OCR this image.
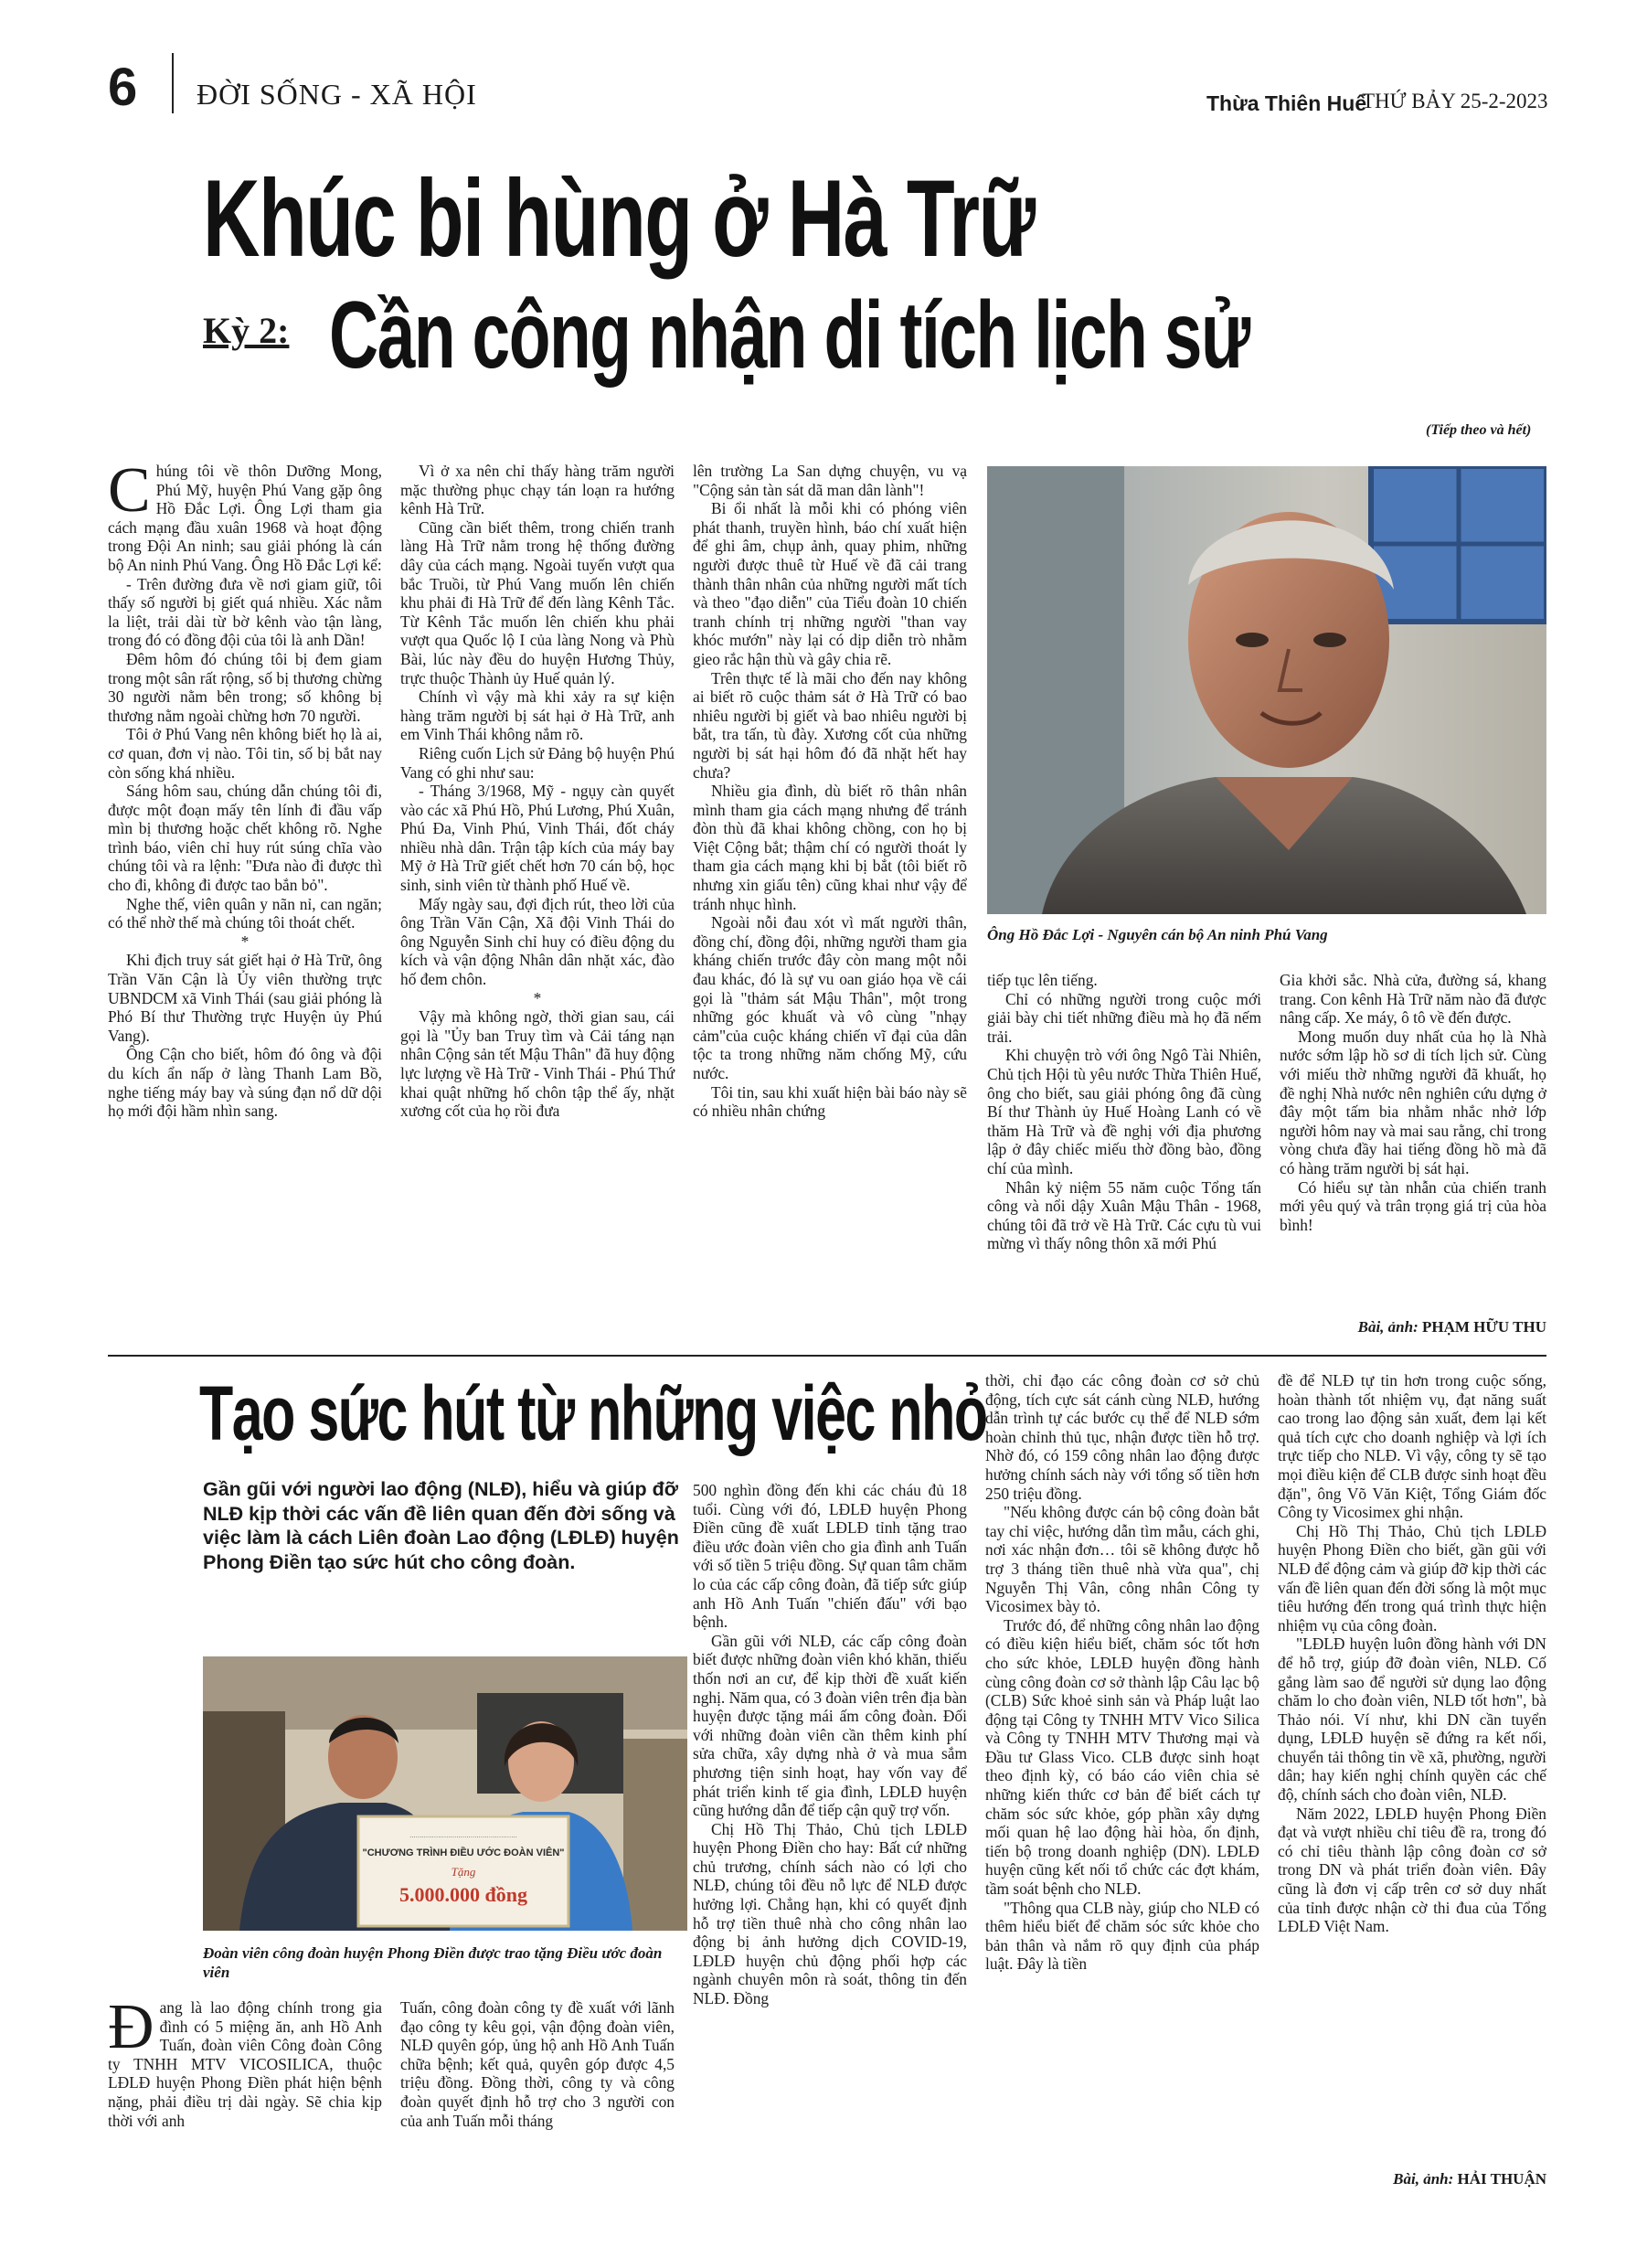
6 ĐỜI SỐNG - XÃ HỘI	Thừa Thiên Huế
THỨ BẢY 25-2-2023
Khúc bi hùng ở Hà Trữ
Kỳ 2: Cần công nhận di tích lịch sử
(Tiếp theo và hết)
C húng tôi về thôn Dưỡng Mong, Phú Mỹ, huyện Phú Vang gặp ông Hồ Đắc Lợi. Ông Lợi tham gia cách mạng đầu xuân 1968 và hoạt động trong Đội An ninh; sau giải phóng là cán bộ An ninh Phú Vang. Ông Hồ Đắc Lợi kể:

- Trên đường đưa về nơi giam giữ, tôi thấy số người bị giết quá nhiều. Xác nằm la liệt, trải dài từ bờ kênh vào tận làng, trong đó có đồng đội của tôi là anh Dần!

Đêm hôm đó chúng tôi bị đem giam trong một sân rất rộng, số bị thương chừng 30 người nằm bên trong; số không bị thương nằm ngoài chừng hơn 70 người.

Tôi ở Phú Vang nên không biết họ là ai, cơ quan, đơn vị nào. Tôi tin, số bị bắt nay còn sống khá nhiều.

Sáng hôm sau, chúng dẫn chúng tôi đi, được một đoạn mấy tên lính đi đầu vấp mìn bị thương hoặc chết không rõ. Nghe trình báo, viên chỉ huy rút súng chĩa vào chúng tôi và ra lệnh: "Đưa nào đi được thì cho đi, không đi được tao bắn bỏ".

Nghe thế, viên quân y nãn nỉ, can ngăn; có thể nhờ thế mà chúng tôi thoát chết.

*

Khi địch truy sát giết hại ở Hà Trữ, ông Trần Văn Cận là Ủy viên thường trực UBNDCM xã Vinh Thái (sau giải phóng là Phó Bí thư Thường trực Huyện ủy Phú Vang).

Ông Cận cho biết, hôm đó ông và đội du kích ẩn nấp ở làng Thanh Lam Bồ, nghe tiếng máy bay và súng đạn nổ dữ dội họ mới đội hầm nhìn sang.

Vì ở xa nên chỉ thấy hàng trăm người mặc thường phục chạy tán loạn ra hướng kênh Hà Trữ.

Cũng cần biết thêm, trong chiến tranh làng Hà Trữ nằm trong hệ thống đường dây của cách mạng. Ngoài tuyến vượt qua bắc Truồi, từ Phú Vang muốn lên chiến khu phải đi Hà Trữ để đến làng Kênh Tắc. Từ Kênh Tắc muốn lên chiến khu phải vượt qua Quốc lộ I của làng Nong và Phù Bài, lúc này đều do huyện Hương Thủy, trực thuộc Thành ủy Huế quản lý.

Chính vì vậy mà khi xảy ra sự kiện hàng trăm người bị sát hại ở Hà Trữ, anh em Vinh Thái không nắm rõ.

Riêng cuốn Lịch sử Đảng bộ huyện Phú Vang có ghi như sau:

- Tháng 3/1968, Mỹ - ngụy càn quyết vào các xã Phú Hồ, Phú Lương, Phú Xuân, Phú Đa, Vinh Phú, Vinh Thái, đốt cháy nhiều nhà dân. Trận tập kích của máy bay Mỹ ở Hà Trữ giết chết hơn 70 cán bộ, học sinh, sinh viên từ thành phố Huế về.

Mấy ngày sau, đợi địch rút, theo lời của ông Trần Văn Cận, Xã đội Vinh Thái do ông Nguyễn Sinh chỉ huy có điều động du kích và vận động Nhân dân nhặt xác, đào hố đem chôn.

*

Vậy mà không ngờ, thời gian sau, cái gọi là "Ủy ban Truy tìm và Cải táng nạn nhân Cộng sản tết Mậu Thân" đã huy động lực lượng về Hà Trữ - Vinh Thái - Phú Thứ khai quật những hố chôn tập thể ấy, nhặt xương cốt của họ rồi đưa

lên trường La San dựng chuyện, vu vạ "Cộng sản tàn sát dã man dân lành"!

Bi ổi nhất là mỗi khi có phóng viên phát thanh, truyền hình, báo chí xuất hiện để ghi âm, chụp ảnh, quay phim, những người được thuê từ Huế về đã cải trang thành thân nhân của những người mất tích và theo "đạo diễn" của Tiểu đoàn 10 chiến tranh chính trị những người "than vay khóc mướn" này lại có dịp diễn trò nhằm gieo rắc hận thù và gây chia rẽ.

Trên thực tế là mãi cho đến nay không ai biết rõ cuộc thảm sát ở Hà Trữ có bao nhiêu người bị giết và bao nhiêu người bị bắt, tra tấn, tù đày. Xương cốt của những người bị sát hại hôm đó đã nhặt hết hay chưa?

Nhiều gia đình, dù biết rõ thân nhân mình tham gia cách mạng nhưng để tránh đòn thù đã khai không chồng, con họ bị Việt Cộng bắt; thậm chí có người thoát ly tham gia cách mạng khi bị bắt (tôi biết rõ nhưng xin giấu tên) cũng khai như vậy để tránh nhục hình.

Ngoài nỗi đau xót vì mất người thân, đồng chí, đồng đội, những người tham gia kháng chiến trước đây còn mang một nỗi đau khác, đó là sự vu oan giáo họa về cái gọi là "thảm sát Mậu Thân", một trong những góc khuất và vô cùng "nhạy cảm"của cuộc kháng chiến vĩ đại của dân tộc ta trong những năm chống Mỹ, cứu nước.

Tôi tin, sau khi xuất hiện bài báo này sẽ có nhiều nhân chứng

Ông Hồ Đắc Lợi - Nguyên cán bộ An ninh Phú Vang

tiếp tục lên tiếng.

Chỉ có những người trong cuộc mới giải bày chi tiết những điều mà họ đã nếm trải.

Khi chuyện trò với ông Ngô Tài Nhiên, Chủ tịch Hội tù yêu nước Thừa Thiên Huế, ông cho biết, sau giải phóng ông đã cùng Bí thư Thành ủy Huế Hoàng Lanh có về thăm Hà Trữ và đề nghị với địa phương lập ở đây chiếc miếu thờ đồng bào, đồng chí của mình.

Nhân kỷ niệm 55 năm cuộc Tổng tấn công và nổi dậy Xuân Mậu Thân - 1968, chúng tôi đã trở về Hà Trữ. Các cựu tù vui mừng vì thấy nông thôn xã mới Phú

Gia khởi sắc. Nhà cửa, đường sá, khang trang. Con kênh Hà Trữ năm nào đã được nâng cấp. Xe máy, ô tô về đến được.

Mong muốn duy nhất của họ là Nhà nước sớm lập hồ sơ di tích lịch sử. Cùng với miếu thờ những người đã khuất, họ đề nghị Nhà nước nên nghiên cứu dựng ở đây một tấm bia nhằm nhắc nhở lớp người hôm nay và mai sau rằng, chỉ trong vòng chưa đầy hai tiếng đồng hồ mà đã có hàng trăm người bị sát hại.

Có hiểu sự tàn nhẫn của chiến tranh mới yêu quý và trân trọng giá trị của hòa bình!

Bài, ảnh: PHẠM HỮU THU
Tạo sức hút từ những việc nhỏ
Gần gũi với người lao động (NLĐ), hiểu và giúp đỡ NLĐ kịp thời các vấn đề liên quan đến đời sống và việc làm là cách Liên đoàn Lao động (LĐLĐ) huyện Phong Điền tạo sức hút cho công đoàn.
.....................................................
"CHƯƠNG TRÌNH ĐIỀU ƯỚC ĐOÀN VIÊN"
Tặng
5.000.000 đồng
Đoàn viên công đoàn huyện Phong Điền được trao tặng Điều ước đoàn viên
Đ ang là lao động chính trong gia đình có 5 miệng ăn, anh Hồ Anh Tuấn, đoàn viên Công đoàn Công ty TNHH MTV VICOSILICA, thuộc LĐLĐ huyện Phong Điền phát hiện bệnh nặng, phải điều trị dài ngày. Sẽ chia kịp thời với anh

Tuấn, công đoàn công ty đề xuất với lãnh đạo công ty kêu gọi, vận động đoàn viên, NLĐ quyên góp, ủng hộ anh Hồ Anh Tuấn chữa bệnh; kết quả, quyên góp được 4,5 triệu đồng. Đồng thời, công ty và công đoàn quyết định hỗ trợ cho 3 người con của anh Tuấn mỗi tháng

500 nghìn đồng đến khi các cháu đủ 18 tuổi. Cùng với đó, LĐLĐ huyện Phong Điền cũng đề xuất LĐLĐ tỉnh tặng trao điều ước đoàn viên cho gia đình anh Tuấn với số tiền 5 triệu đồng. Sự quan tâm chăm lo của các cấp công đoàn, đã tiếp sức giúp anh Hồ Anh Tuấn "chiến đấu" với bạo bệnh.

Gần gũi với NLĐ, các cấp công đoàn biết được những đoàn viên khó khăn, thiếu thốn nơi an cư, để kịp thời đề xuất kiến nghị. Năm qua, có 3 đoàn viên trên địa bàn huyện được tặng mái ấm công đoàn. Đối với những đoàn viên cần thêm kinh phí sửa chữa, xây dựng nhà ở và mua sắm phương tiện sinh hoạt, hay vốn vay để phát triển kinh tế gia đình, LĐLĐ huyện cũng hướng dẫn để tiếp cận quỹ trợ vốn.

Chị Hồ Thị Thảo, Chủ tịch LĐLĐ huyện Phong Điền cho hay: Bất cứ những chủ trương, chính sách nào có lợi cho NLĐ, chúng tôi đều nỗ lực để NLĐ được hưởng lợi. Chẳng hạn, khi có quyết định hỗ trợ tiền thuê nhà cho công nhân lao động bị ảnh hưởng dịch COVID-19, LĐLĐ huyện chủ động phối hợp các ngành chuyên môn rà soát, thông tin đến NLĐ. Đồng

thời, chỉ đạo các công đoàn cơ sở chủ động, tích cực sát cánh cùng NLĐ, hướng dẫn trình tự các bước cụ thể để NLĐ sớm hoàn chỉnh thủ tục, nhận được tiền hỗ trợ. Nhờ đó, có 159 công nhân lao động được hưởng chính sách này với tổng số tiền hơn 250 triệu đồng.

"Nếu không được cán bộ công đoàn bắt tay chỉ việc, hướng dẫn tìm mẫu, cách ghi, nơi xác nhận đơn… tôi sẽ không được hỗ trợ 3 tháng tiền thuê nhà vừa qua", chị Nguyễn Thị Vân, công nhân Công ty Vicosimex bày tỏ.

Trước đó, để những công nhân lao động có điều kiện hiểu biết, chăm sóc tốt hơn cho sức khỏe, LĐLĐ huyện đồng hành cùng công đoàn cơ sở thành lập Câu lạc bộ (CLB) Sức khoẻ sinh sản và Pháp luật lao động tại Công ty TNHH MTV Vico Silica và Công ty TNHH MTV Thương mại và Đầu tư Glass Vico. CLB được sinh hoạt theo định kỳ, có báo cáo viên chia sẻ những kiến thức cơ bản để biết cách tự chăm sóc sức khỏe, góp phần xây dựng mối quan hệ lao động hài hòa, ổn định, tiến bộ trong doanh nghiệp (DN). LĐLĐ huyện cũng kết nối tổ chức các đợt khám, tầm soát bệnh cho NLĐ.

"Thông qua CLB này, giúp cho NLĐ có thêm hiểu biết để chăm sóc sức khỏe cho bản thân và nắm rõ quy định của pháp luật. Đây là tiền

đề để NLĐ tự tin hơn trong cuộc sống, hoàn thành tốt nhiệm vụ, đạt năng suất cao trong lao động sản xuất, đem lại kết quả tích cực cho doanh nghiệp và lợi ích trực tiếp cho NLĐ. Vì vậy, công ty sẽ tạo mọi điều kiện để CLB được sinh hoạt đều đặn", ông Võ Văn Kiệt, Tổng Giám đốc Công ty Vicosimex ghi nhận.

Chị Hồ Thị Thảo, Chủ tịch LĐLĐ huyện Phong Điền cho biết, gần gũi với NLĐ để động cảm và giúp đỡ kịp thời các vấn đề liên quan đến đời sống là một mục tiêu hướng đến trong quá trình thực hiện nhiệm vụ của công đoàn.

"LĐLĐ huyện luôn đồng hành với DN để hỗ trợ, giúp đỡ đoàn viên, NLĐ. Cố gắng làm sao để người sử dụng lao động chăm lo cho đoàn viên, NLĐ tốt hơn", bà Thảo nói. Ví như, khi DN cần tuyển dụng, LĐLĐ huyện sẽ đứng ra kết nối, chuyển tải thông tin về xã, phường, người dân; hay kiến nghị chính quyền các chế độ, chính sách cho đoàn viên, NLĐ.

Năm 2022, LĐLĐ huyện Phong Điền đạt và vượt nhiều chỉ tiêu đề ra, trong đó có chỉ tiêu thành lập công đoàn cơ sở trong DN và phát triển đoàn viên. Đây cũng là đơn vị cấp trên cơ sở duy nhất của tỉnh được nhận cờ thi đua của Tổng LĐLĐ Việt Nam.

Bài, ảnh: HẢI THUẬN
